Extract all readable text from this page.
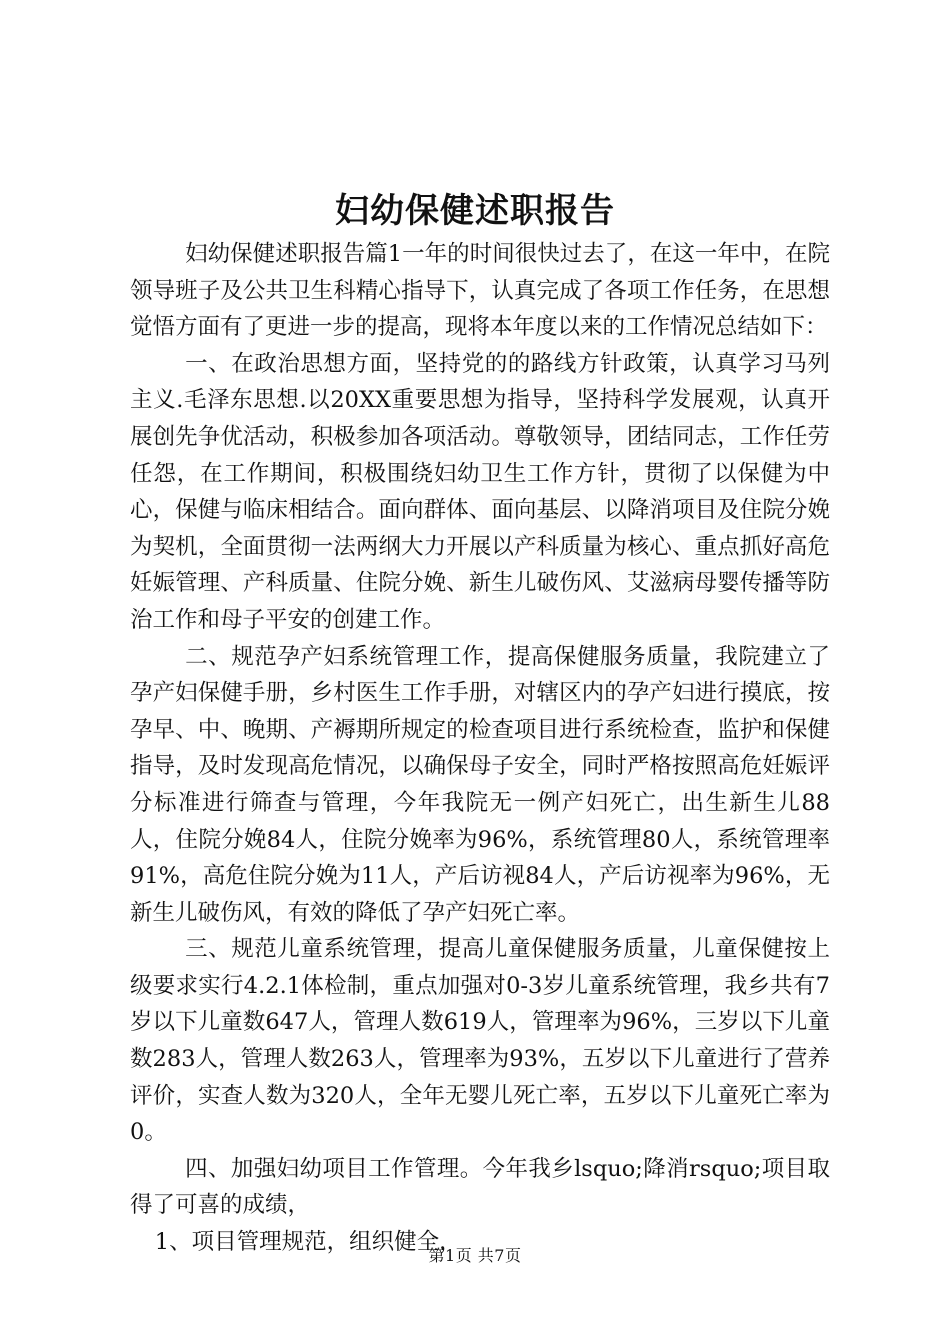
妇幼保健述职报告

妇幼保健述职报告篇1一年的时间很快过去了，在这一年中，在院领导班子及公共卫生科精心指导下，认真完成了各项工作任务，在思想觉悟方面有了更进一步的提高，现将本年度以来的工作情况总结如下：

一、在政治思想方面，坚持党的的路线方针政策，认真学习马列主义.毛泽东思想.以20XX重要思想为指导，坚持科学发展观，认真开展创先争优活动，积极参加各项活动。尊敬领导，团结同志，工作任劳任怨，在工作期间，积极围绕妇幼卫生工作方针，贯彻了以保健为中心，保健与临床相结合。面向群体、面向基层、以降消项目及住院分娩为契机，全面贯彻一法两纲大力开展以产科质量为核心、重点抓好高危妊娠管理、产科质量、住院分娩、新生儿破伤风、艾滋病母婴传播等防治工作和母子平安的创建工作。

二、规范孕产妇系统管理工作，提高保健服务质量，我院建立了孕产妇保健手册，乡村医生工作手册，对辖区内的孕产妇进行摸底，按孕早、中、晚期、产褥期所规定的检查项目进行系统检查，监护和保健指导，及时发现高危情况，以确保母子安全，同时严格按照高危妊娠评分标准进行筛查与管理，今年我院无一例产妇死亡，出生新生儿88人，住院分娩84人，住院分娩率为96%，系统管理80人，系统管理率91%，高危住院分娩为11人，产后访视84人，产后访视率为96%，无新生儿破伤风，有效的降低了孕产妇死亡率。

三、规范儿童系统管理，提高儿童保健服务质量，儿童保健按上级要求实行4.2.1体检制，重点加强对0-3岁儿童系统管理，我乡共有7岁以下儿童数647人，管理人数619人，管理率为96%，三岁以下儿童数283人，管理人数263人，管理率为93%，五岁以下儿童进行了营养评价，实查人数为320人，全年无婴儿死亡率，五岁以下儿童死亡率为0。

四、加强妇幼项目工作管理。今年我乡lsquo;降消rsquo;项目取得了可喜的成绩，

1、项目管理规范，组织健全，

第1页 共7页
